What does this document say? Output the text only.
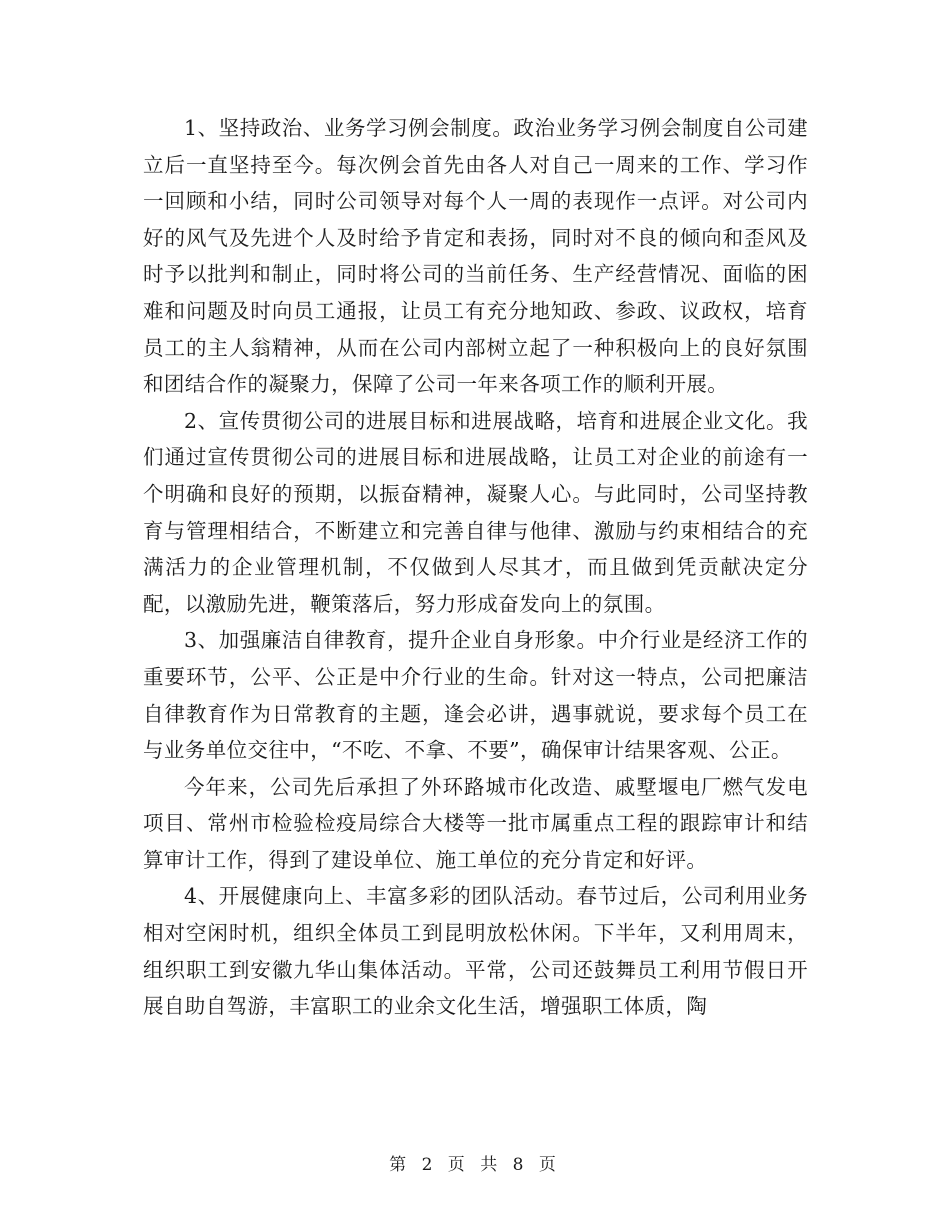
1、坚持政治、业务学习例会制度。政治业务学习例会制度自公司建立后一直坚持至今。每次例会首先由各人对自己一周来的工作、学习作一回顾和小结，同时公司领导对每个人一周的表现作一点评。对公司内好的风气及先进个人及时给予肯定和表扬，同时对不良的倾向和歪风及时予以批判和制止，同时将公司的当前任务、生产经营情况、面临的困难和问题及时向员工通报，让员工有充分地知政、参政、议政权，培育员工的主人翁精神，从而在公司内部树立起了一种积极向上的良好氛围和团结合作的凝聚力，保障了公司一年来各项工作的顺利开展。

2、宣传贯彻公司的进展目标和进展战略，培育和进展企业文化。我们通过宣传贯彻公司的进展目标和进展战略，让员工对企业的前途有一个明确和良好的预期，以振奋精神，凝聚人心。与此同时，公司坚持教育与管理相结合，不断建立和完善自律与他律、激励与约束相结合的充满活力的企业管理机制，不仅做到人尽其才，而且做到凭贡献决定分配，以激励先进，鞭策落后，努力形成奋发向上的氛围。

3、加强廉洁自律教育，提升企业自身形象。中介行业是经济工作的重要环节，公平、公正是中介行业的生命。针对这一特点，公司把廉洁自律教育作为日常教育的主题，逢会必讲，遇事就说，要求每个员工在与业务单位交往中，“不吃、不拿、不要”，确保审计结果客观、公正。

今年来，公司先后承担了外环路城市化改造、戚墅堰电厂燃气发电项目、常州市检验检疫局综合大楼等一批市属重点工程的跟踪审计和结算审计工作，得到了建设单位、施工单位的充分肯定和好评。

4、开展健康向上、丰富多彩的团队活动。春节过后，公司利用业务相对空闲时机，组织全体员工到昆明放松休闲。下半年，又利用周末，组织职工到安徽九华山集体活动。平常，公司还鼓舞员工利用节假日开展自助自驾游，丰富职工的业余文化生活，增强职工体质，陶

第 2 页 共 8 页
